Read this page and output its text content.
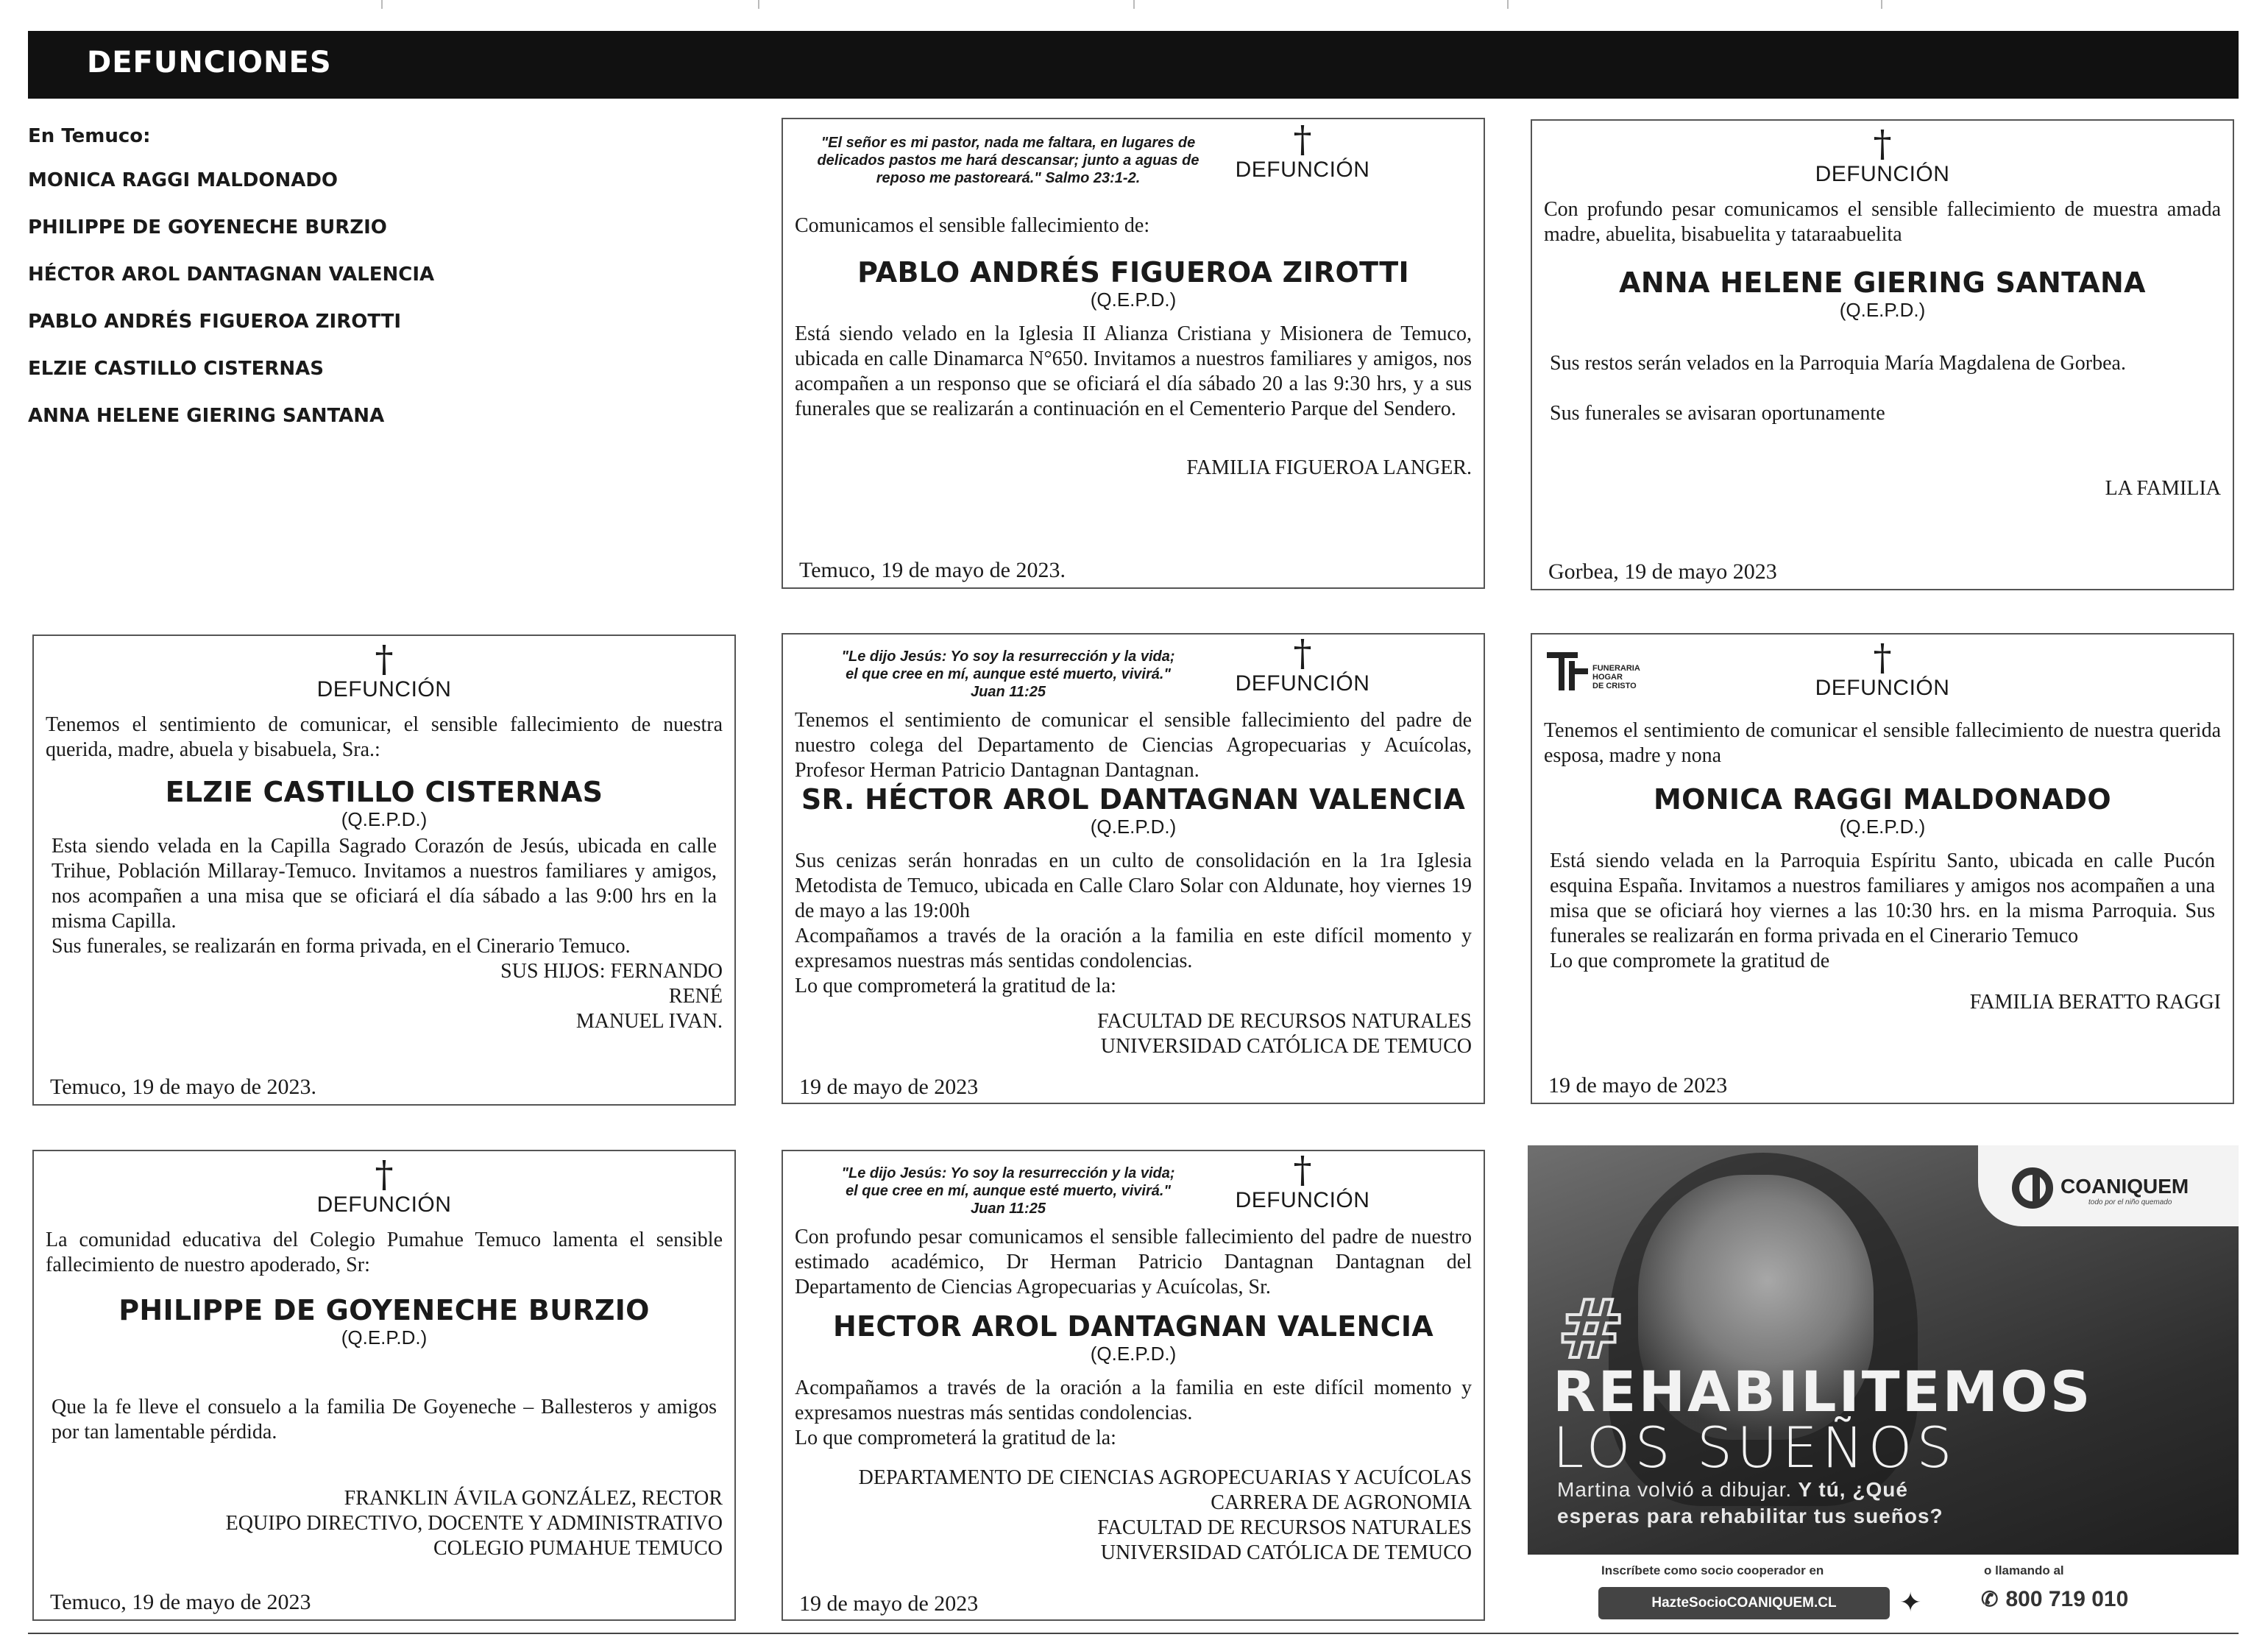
DEFUNCIONES
En Temuco:
MONICA RAGGI MALDONADO
PHILIPPE DE GOYENECHE BURZIO
HÉCTOR AROL DANTAGNAN VALENCIA
PABLO ANDRÉS FIGUEROA ZIROTTI
ELZIE CASTILLO CISTERNAS
ANNA HELENE GIERING SANTANA
"El señor es mi pastor, nada me faltara, en lugares de delicados pastos me hará descansar; junto a aguas de reposo me pastoreará." Salmo 23:1-2.
†
DEFUNCIÓN

Comunicamos el sensible fallecimiento de:

PABLO ANDRÉS FIGUEROA ZIROTTI
(Q.E.P.D.)

Está siendo velado en la Iglesia II Alianza Cristiana y Misionera de Temuco, ubicada en calle Dinamarca N°650. Invitamos a nuestros familiares y amigos, nos acompañen a un responso que se oficiará el día sábado 20 a las 9:30 hrs, y a sus funerales que se realizarán a continuación en el Cementerio Parque del Sendero.

FAMILIA FIGUEROA LANGER.
Temuco, 19 de mayo de 2023.
†
DEFUNCIÓN

Con profundo pesar comunicamos el sensible fallecimiento de muestra amada madre, abuelita, bisabuelita y tataraabuelita

ANNA HELENE GIERING SANTANA
(Q.E.P.D.)

Sus restos serán velados en la Parroquia María Magdalena de Gorbea.

Sus funerales se avisaran oportunamente

LA FAMILIA
Gorbea, 19 de mayo 2023
†
DEFUNCIÓN

Tenemos el sentimiento de comunicar, el sensible fallecimiento de nuestra querida, madre, abuela y bisabuela, Sra.:

ELZIE CASTILLO CISTERNAS
(Q.E.P.D.)

Esta siendo velada en la Capilla Sagrado Corazón de Jesús, ubicada en calle Trihue, Población Millaray-Temuco. Invitamos a nuestros familiares y amigos, nos acompañen a una misa que se oficiará el día sábado a las 9:00 hrs en la misma Capilla.

Sus funerales, se realizarán en forma privada, en el Cinerario Temuco.

SUS HIJOS: FERNANDO
RENÉ
MANUEL IVAN.
Temuco, 19 de mayo de 2023.
"Le dijo Jesús: Yo soy la resurrección y la vida;
el que cree en mí, aunque esté muerto, vivirá."
Juan 11:25
†
DEFUNCIÓN

Tenemos el sentimiento de comunicar el sensible fallecimiento del padre de nuestro colega del Departamento de Ciencias Agropecuarias y Acuícolas, Profesor Herman Patricio Dantagnan Dantagnan.

SR. HÉCTOR AROL DANTAGNAN VALENCIA
(Q.E.P.D.)

Sus cenizas serán honradas en un culto de consolidación en la 1ra Iglesia Metodista de Temuco, ubicada en Calle Claro Solar con Aldunate, hoy viernes 19 de mayo a las 19:00h

Acompañamos a través de la oración a la familia en este difícil momento y expresamos nuestras más sentidas condolencias.

Lo que comprometerá la gratitud de la:

FACULTAD DE RECURSOS NATURALES
UNIVERSIDAD CATÓLICA DE TEMUCO
19 de mayo de 2023
FUNERARIA
HOGAR
DE CRISTO
†
DEFUNCIÓN

Tenemos el sentimiento de comunicar el sensible fallecimiento de nuestra querida esposa, madre y nona

MONICA RAGGI MALDONADO
(Q.E.P.D.)

Está siendo velada en la Parroquia Espíritu Santo, ubicada en calle Pucón esquina España. Invitamos a nuestros familiares y amigos nos acompañen a una misa que se oficiará hoy viernes a las 10:30 hrs. en la misma Parroquia. Sus funerales se realizarán en forma privada en el Cinerario Temuco

Lo que compromete la gratitud de

FAMILIA BERATTO RAGGI
19 de mayo de 2023
†
DEFUNCIÓN

La comunidad educativa del Colegio Pumahue Temuco lamenta el sensible fallecimiento de nuestro apoderado, Sr:

PHILIPPE DE GOYENECHE BURZIO
(Q.E.P.D.)

Que la fe lleve el consuelo a la familia De Goyeneche – Ballesteros y amigos por tan lamentable pérdida.

FRANKLIN ÁVILA GONZÁLEZ, RECTOR
EQUIPO DIRECTIVO, DOCENTE Y ADMINISTRATIVO
COLEGIO PUMAHUE TEMUCO
Temuco, 19 de mayo de 2023
"Le dijo Jesús: Yo soy la resurrección y la vida;
el que cree en mí, aunque esté muerto, vivirá."
Juan 11:25
†
DEFUNCIÓN

Con profundo pesar comunicamos el sensible fallecimiento del padre de nuestro estimado académico, Dr Herman Patricio Dantagnan Dantagnan del Departamento de Ciencias Agropecuarias y Acuícolas, Sr.

HECTOR AROL DANTAGNAN VALENCIA
(Q.E.P.D.)

Acompañamos a través de la oración a la familia en este difícil momento y expresamos nuestras más sentidas condolencias.

Lo que comprometerá la gratitud de la:

DEPARTAMENTO DE CIENCIAS AGROPECUARIAS Y ACUÍCOLAS
CARRERA DE AGRONOMIA
FACULTAD DE RECURSOS NATURALES
UNIVERSIDAD CATÓLICA DE TEMUCO
19 de mayo de 2023
COANIQUEM
todo por el niño quemado
#
REHABILITEMOS
LOS SUEÑOS
Martina volvió a dibujar. Y tú, ¿Qué
esperas para rehabilitar tus sueños?
Inscríbete como socio cooperador en	o llamando al
HazteSocioCOANIQUEM.CL	✦	✆ 800 719 010
